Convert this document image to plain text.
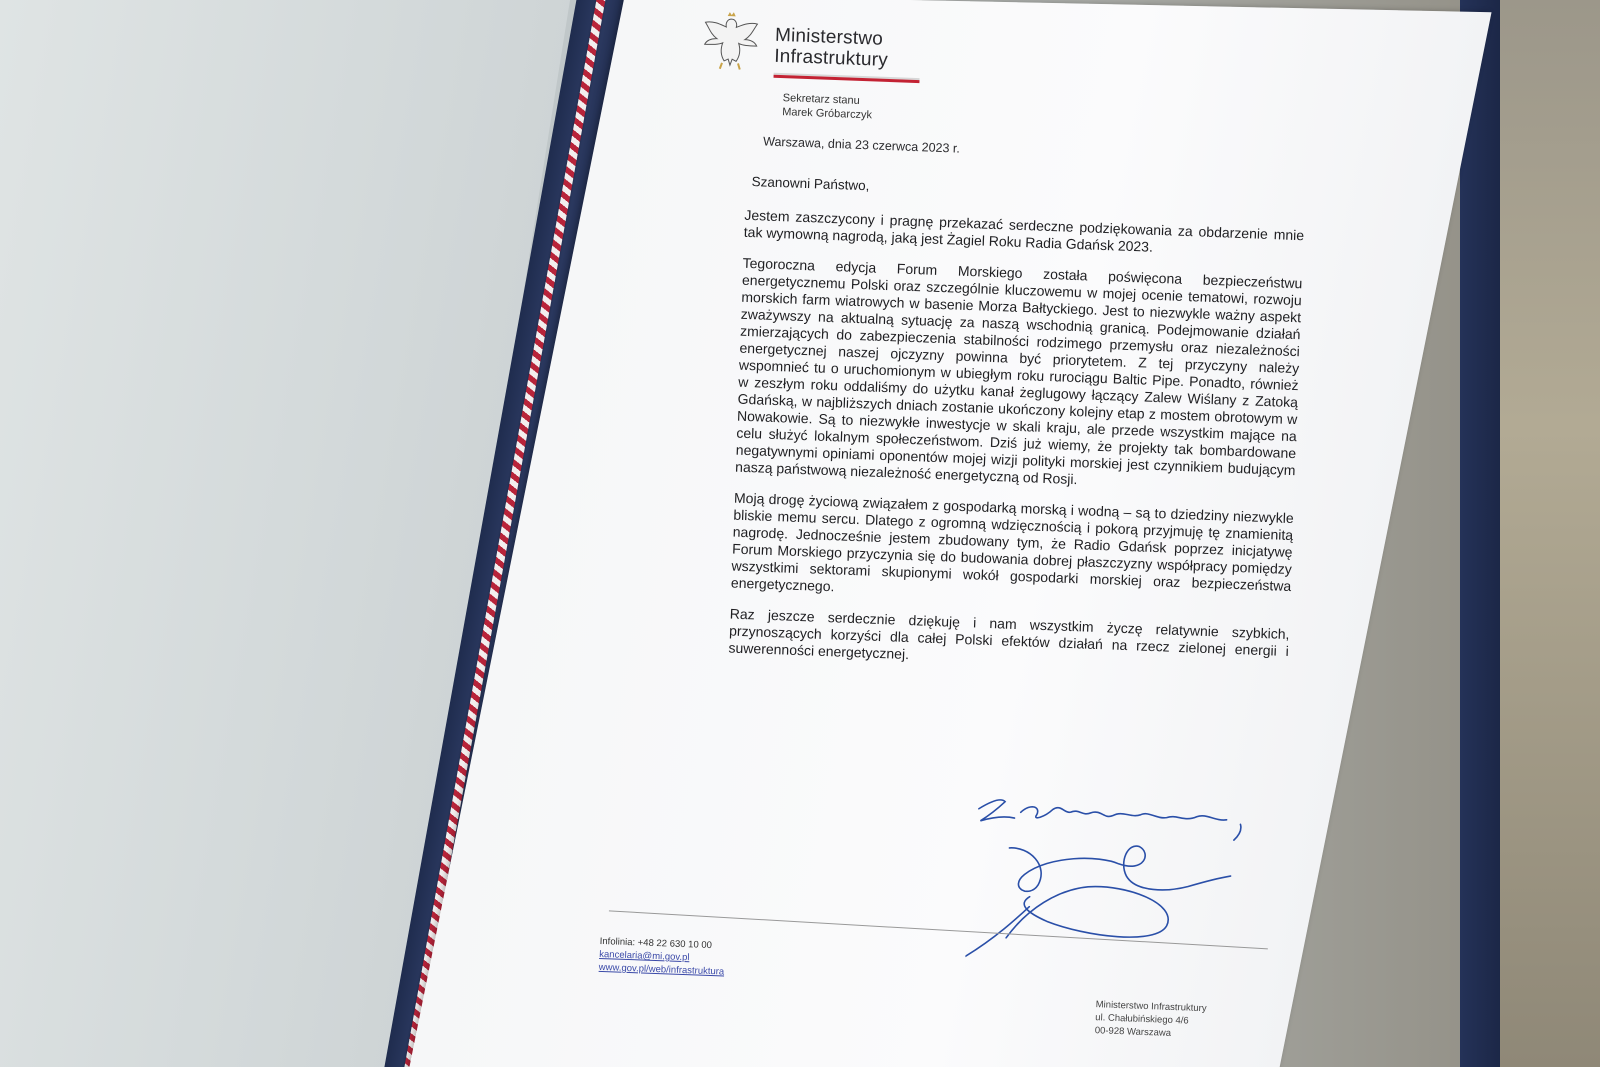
Ministerstwo
Infrastruktury
Sekretarz stanu
Marek Gróbarczyk
Warszawa, dnia 23 czerwca 2023 r.
Szanowni Państwo,

Jestem zaszczycony i pragnę przekazać serdeczne podziękowania za obdarzenie mnie tak wymowną nagrodą, jaką jest Żagiel Roku Radia Gdańsk 2023.

Tegoroczna edycja Forum Morskiego została poświęcona bezpieczeństwu energetycznemu Polski oraz szczególnie kluczowemu w mojej ocenie tematowi, rozwoju morskich farm wiatrowych w basenie Morza Bałtyckiego. Jest to niezwykle ważny aspekt zważywszy na aktualną sytuację za naszą wschodnią granicą. Podejmowanie działań zmierzających do zabezpieczenia stabilności rodzimego przemysłu oraz niezależności energetycznej naszej ojczyzny powinna być priorytetem. Z tej przyczyny należy wspomnieć tu o uruchomionym w ubiegłym roku rurociągu Baltic Pipe. Ponadto, również w zeszłym roku oddaliśmy do użytku kanał żeglugowy łączący Zalew Wiślany z Zatoką Gdańską, w najbliższych dniach zostanie ukończony kolejny etap z mostem obrotowym w Nowakowie. Są to niezwykłe inwestycje w skali kraju, ale przede wszystkim mające na celu służyć lokalnym społeczeństwom. Dziś już wiemy, że projekty tak bombardowane negatywnymi opiniami oponentów mojej wizji polityki morskiej jest czynnikiem budującym naszą państwową niezależność energetyczną od Rosji.

Moją drogę życiową związałem z gospodarką morską i wodną – są to dziedziny niezwykle bliskie memu sercu. Dlatego z ogromną wdzięcznością i pokorą przyjmuję tę znamienitą nagrodę. Jednocześnie jestem zbudowany tym, że Radio Gdańsk poprzez inicjatywę Forum Morskiego przyczynia się do budowania dobrej płaszczyzny współpracy pomiędzy wszystkimi sektorami skupionymi wokół gospodarki morskiej oraz bezpieczeństwa energetycznego.

Raz jeszcze serdecznie dziękuję i nam wszystkim życzę relatywnie szybkich, przynoszących korzyści dla całej Polski efektów działań na rzecz zielonej energii i suwerenności energetycznej.

Z poważaniem,
Infolinia: +48 22 630 10 00
kancelaria@mi.gov.pl
www.gov.pl/web/infrastruktura
Ministerstwo Infrastruktury
ul. Chałubińskiego 4/6
00-928 Warszawa
